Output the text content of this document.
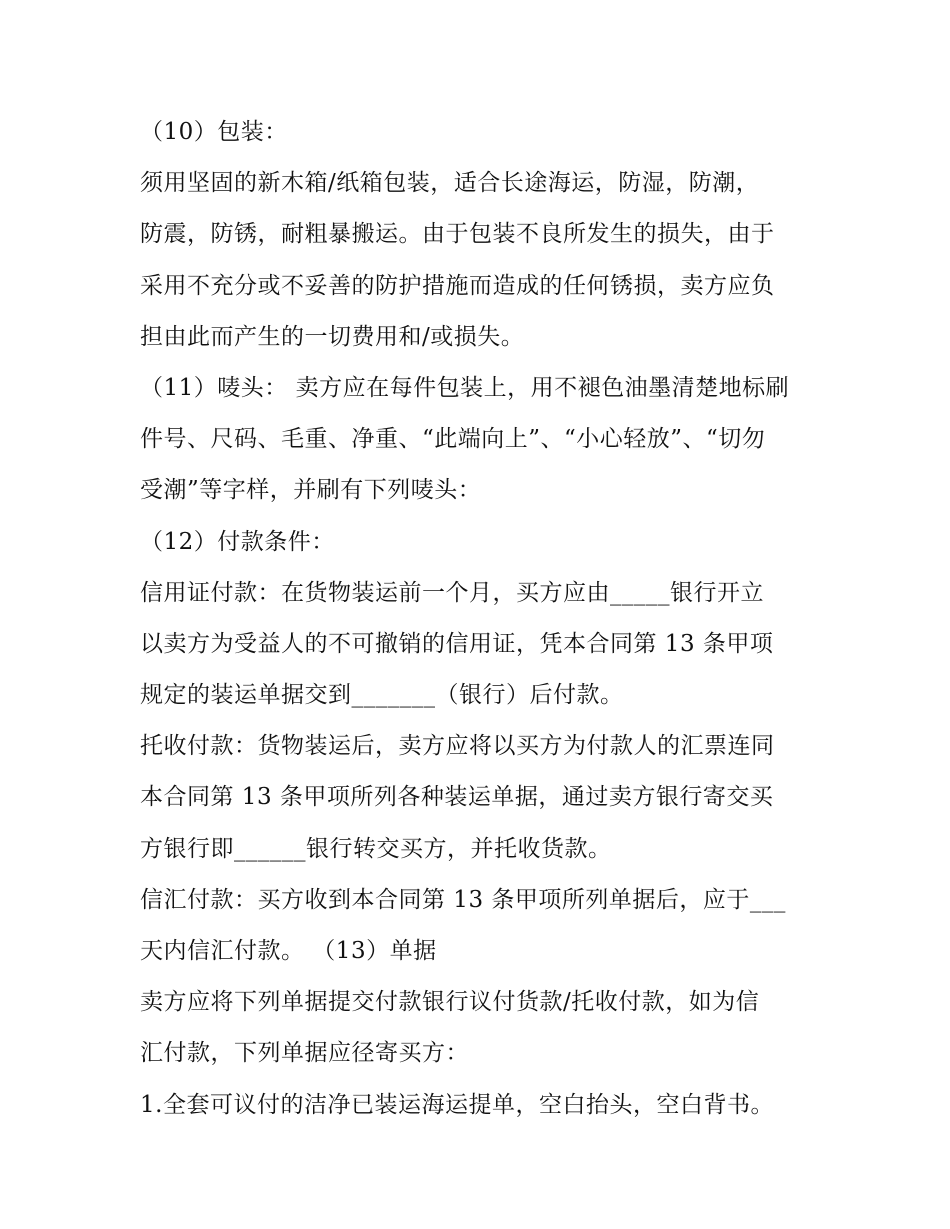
（10）包装：
须用坚固的新木箱/纸箱包装，适合长途海运，防湿，防潮，
防震，防锈，耐粗暴搬运。由于包装不良所发生的损失，由于
采用不充分或不妥善的防护措施而造成的任何锈损，卖方应负
担由此而产生的一切费用和/或损失。
（11）唛头： 卖方应在每件包装上，用不褪色油墨清楚地标刷
件号、尺码、毛重、净重、“此端向上”、“小心轻放”、“切勿
受潮”等字样，并刷有下列唛头：
（12）付款条件：
信用证付款：在货物装运前一个月，买方应由_____银行开立
以卖方为受益人的不可撤销的信用证，凭本合同第 13 条甲项
规定的装运单据交到_______（银行）后付款。
托收付款：货物装运后，卖方应将以买方为付款人的汇票连同
本合同第 13 条甲项所列各种装运单据，通过卖方银行寄交买
方银行即______银行转交买方，并托收货款。
信汇付款：买方收到本合同第 13 条甲项所列单据后，应于___
天内信汇付款。 （13）单据
卖方应将下列单据提交付款银行议付货款/托收付款，如为信
汇付款，下列单据应径寄买方：
1.全套可议付的洁净已装运海运提单，空白抬头，空白背书。
